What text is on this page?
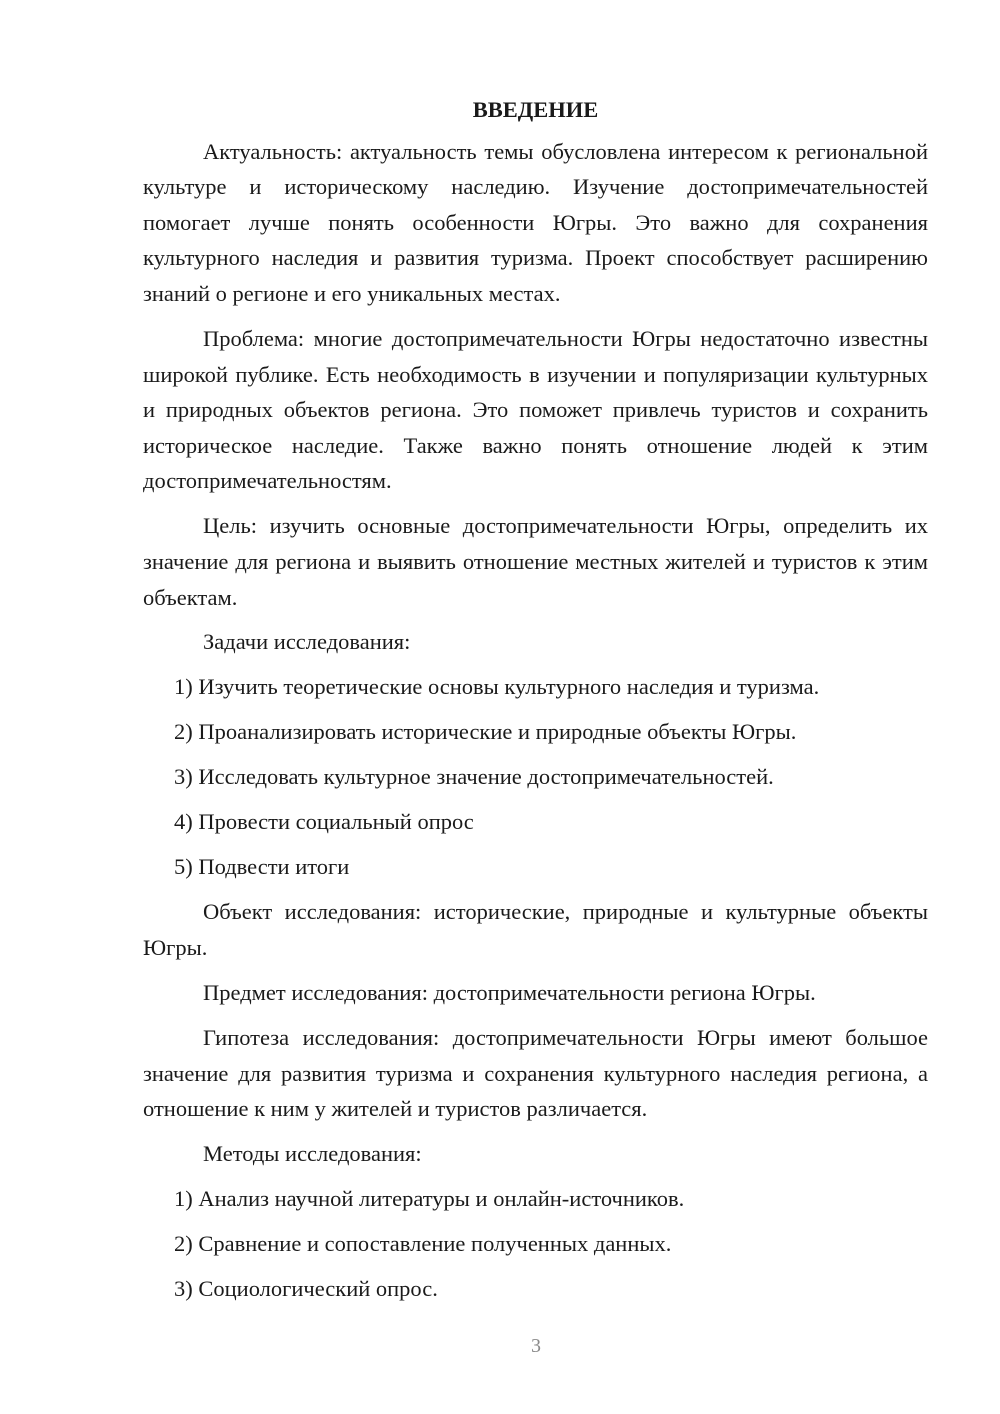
ВВЕДЕНИЕ

Актуальность: актуальность темы обусловлена интересом к региональной культуре и историческому наследию. Изучение достопримечательностей помогает лучше понять особенности Югры. Это важно для сохранения культурного наследия и развития туризма. Проект способствует расширению знаний о регионе и его уникальных местах.

Проблема: многие достопримечательности Югры недостаточно известны широкой публике. Есть необходимость в изучении и популяризации культурных и природных объектов региона. Это поможет привлечь туристов и сохранить историческое наследие. Также важно понять отношение людей к этим достопримечательностям.

Цель: изучить основные достопримечательности Югры, определить их значение для региона и выявить отношение местных жителей и туристов к этим объектам.

Задачи исследования:

1) Изучить теоретические основы культурного наследия и туризма.
2) Проанализировать исторические и природные объекты Югры.
3) Исследовать культурное значение достопримечательностей.
4) Провести социальный опрос
5) Подвести итоги

Объект исследования: исторические, природные и культурные объекты Югры.

Предмет исследования: достопримечательности региона Югры.

Гипотеза исследования: достопримечательности Югры имеют большое значение для развития туризма и сохранения культурного наследия региона, а отношение к ним у жителей и туристов различается.

Методы исследования:

1) Анализ научной литературы и онлайн-источников.
2) Сравнение и сопоставление полученных данных.
3) Социологический опрос.
3
